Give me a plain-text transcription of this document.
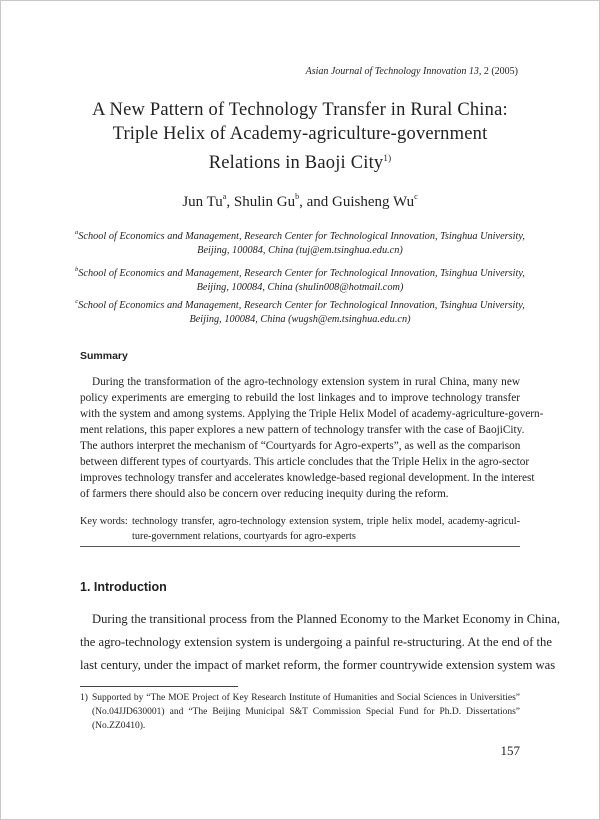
Asian Journal of Technology Innovation 13, 2 (2005)
A New Pattern of Technology Transfer in Rural China:
Triple Helix of Academy-agriculture-government
Relations in Baoji City$^{1)}$
Jun Tu$^a$, Shulin Gu$^b$, and Guisheng Wu$^c$
$^a$School of Economics and Management, Research Center for Technological Innovation, Tsinghua University,
Beijing, 100084, China (tuj@em.tsinghua.edu.cn)
$^b$School of Economics and Management, Research Center for Technological Innovation, Tsinghua University,
Beijing, 100084, China (shulin008@hotmail.com)
$^c$School of Economics and Management, Research Center for Technological Innovation, Tsinghua University,
Beijing, 100084, China (wugsh@em.tsinghua.edu.cn)
Summary
During the transformation of the agro-technology extension system in rural China, many new
policy experiments are emerging to rebuild the lost linkages and to improve technology transfer
with the system and among systems. Applying the Triple Helix Model of academy-agriculture-govern-
ment relations, this paper explores a new pattern of technology transfer with the case of BaojiCity.
The authors interpret the mechanism of “Courtyards for Agro-experts”, as well as the comparison
between different types of courtyards. This article concludes that the Triple Helix in the agro-sector
improves technology transfer and accelerates knowledge-based regional development. In the interest
of farmers there should also be concern over reducing inequity during the reform.
Key words: technology transfer, agro-technology extension system, triple helix model, academy-agricul-
ture-government relations, courtyards for agro-experts
1. Introduction
During the transitional process from the Planned Economy to the Market Economy in China,
the agro-technology extension system is undergoing a painful re-structuring. At the end of the
last century, under the impact of market reform, the former countrywide extension system was
1) Supported by “The MOE Project of Key Research Institute of Humanities and Social Sciences in Universities”
(No.04JJD630001) and “The Beijing Municipal S&T Commission Special Fund for Ph.D. Dissertations”
(No.ZZ0410).
157
